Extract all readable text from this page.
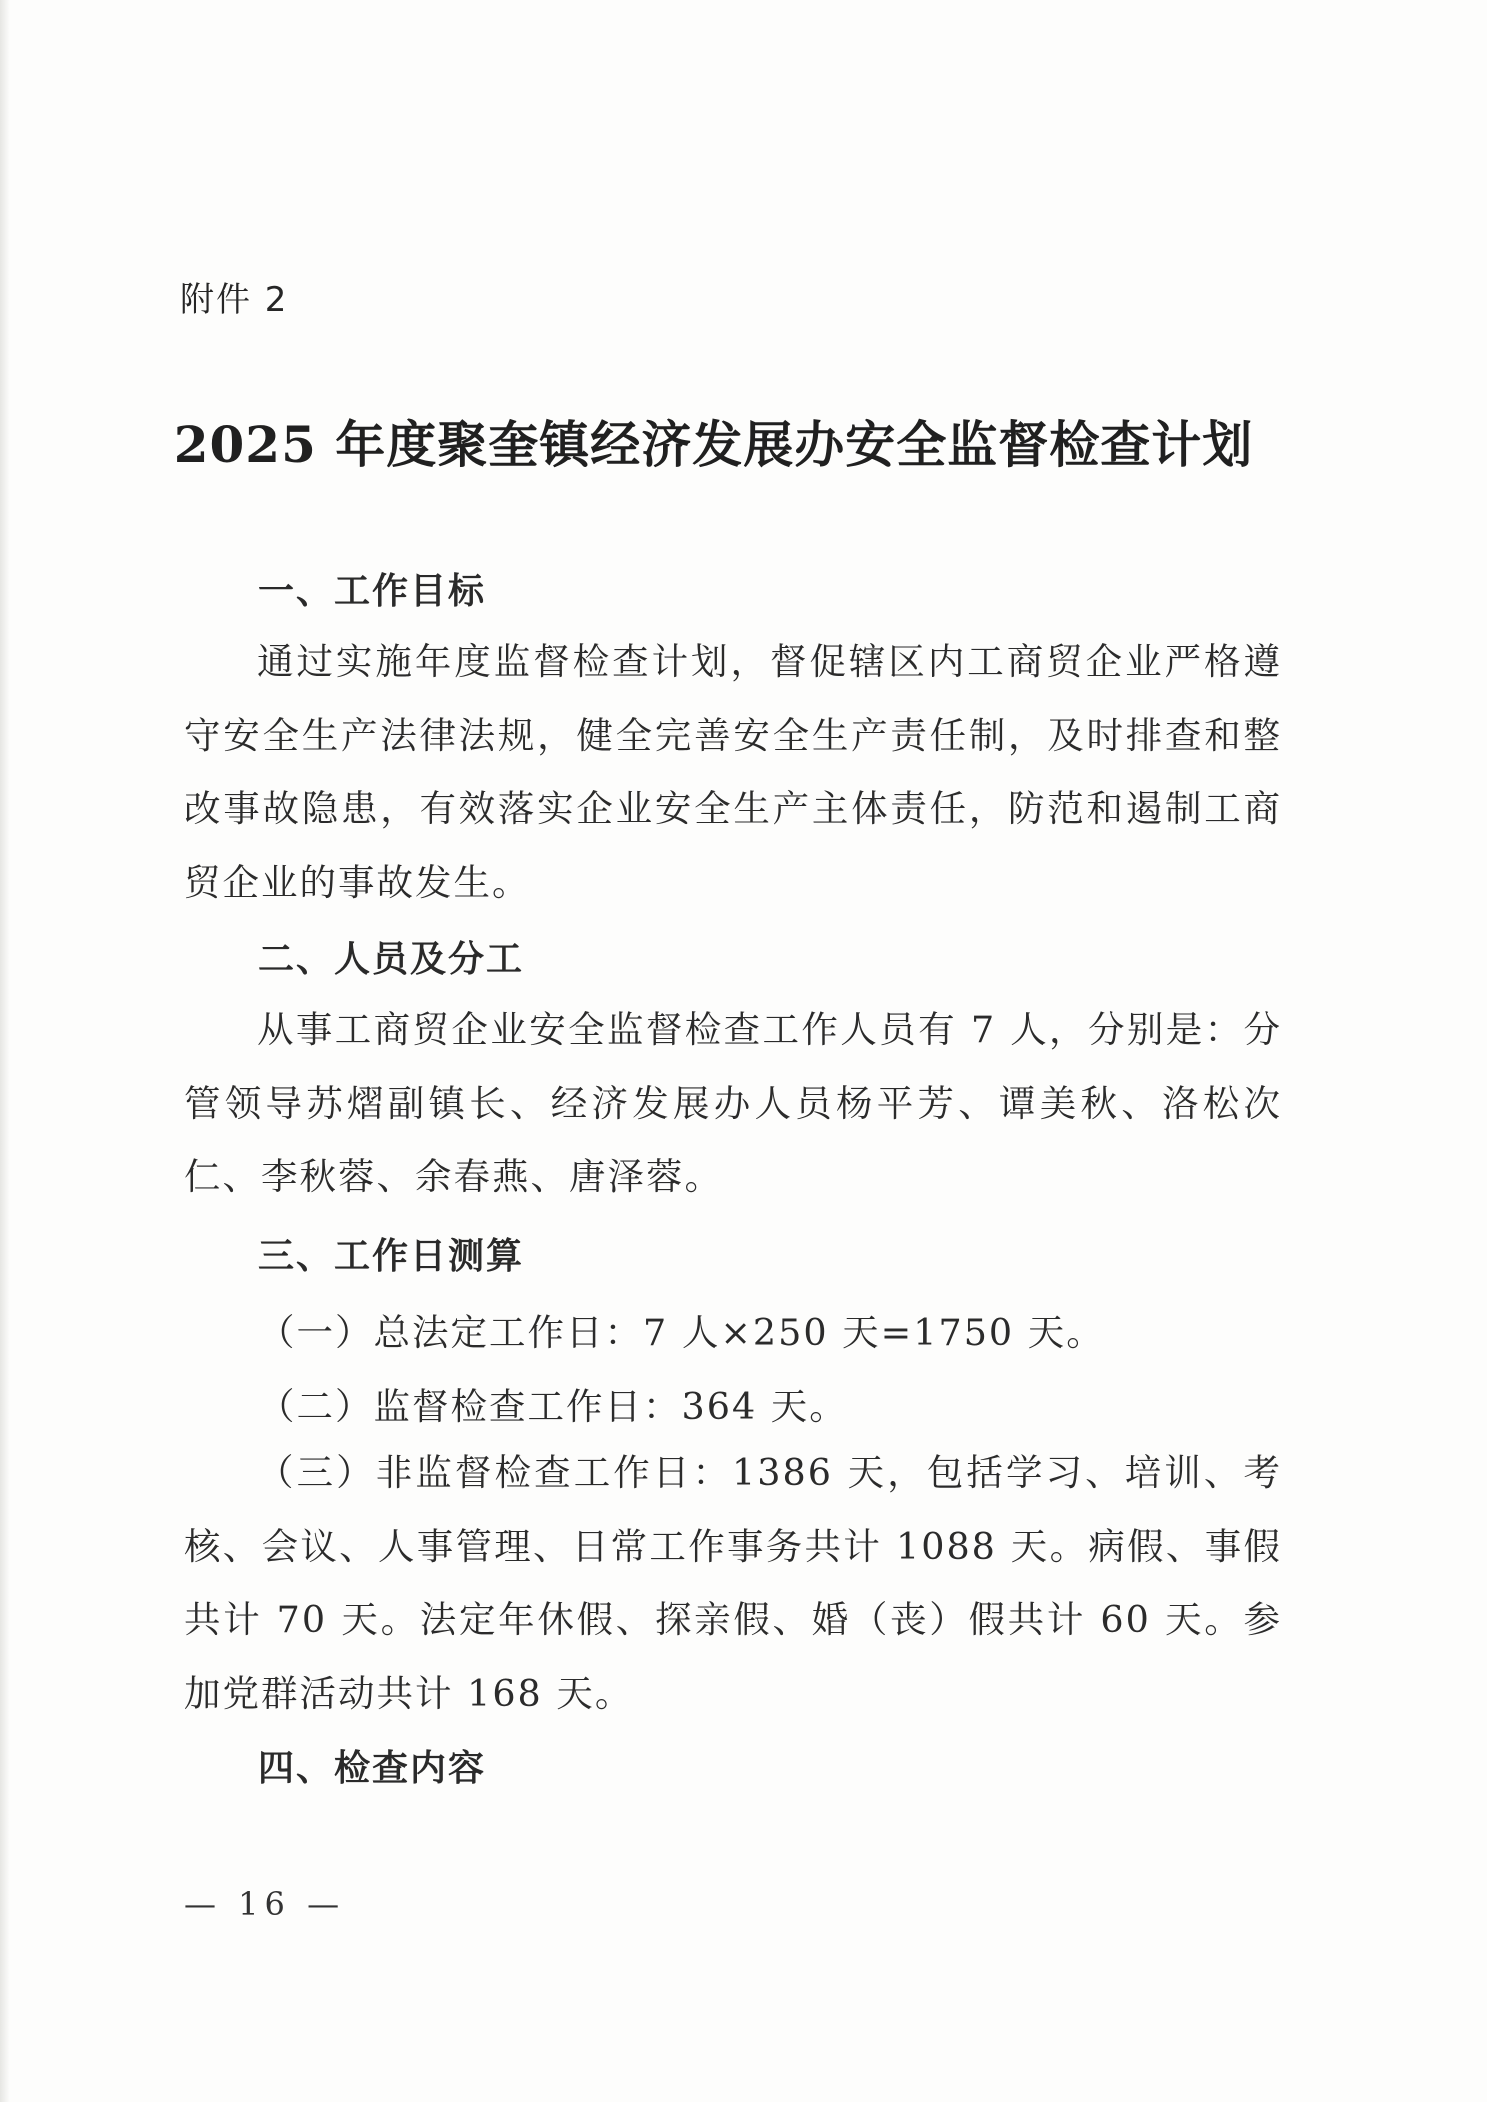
附件 2
2025 年度聚奎镇经济发展办安全监督检查计划
一、工作目标

通过实施年度监督检查计划，督促辖区内工商贸企业严格遵守安全生产法律法规，健全完善安全生产责任制，及时排查和整改事故隐患，有效落实企业安全生产主体责任，防范和遏制工商贸企业的事故发生。

二、人员及分工

从事工商贸企业安全监督检查工作人员有 7 人，分别是：分管领导苏熠副镇长、经济发展办人员杨平芳、谭美秋、洛松次仁、李秋蓉、余春燕、唐泽蓉。

三、工作日测算
（一）总法定工作日：7 人×250 天=1750 天。
（二）监督检查工作日：364 天。

（三）非监督检查工作日：1386 天，包括学习、培训、考核、会议、人事管理、日常工作事务共计 1088 天。病假、事假共计 70 天。法定年休假、探亲假、婚（丧）假共计 60 天。参加党群活动共计 168 天。

四、检查内容
— 16 —
